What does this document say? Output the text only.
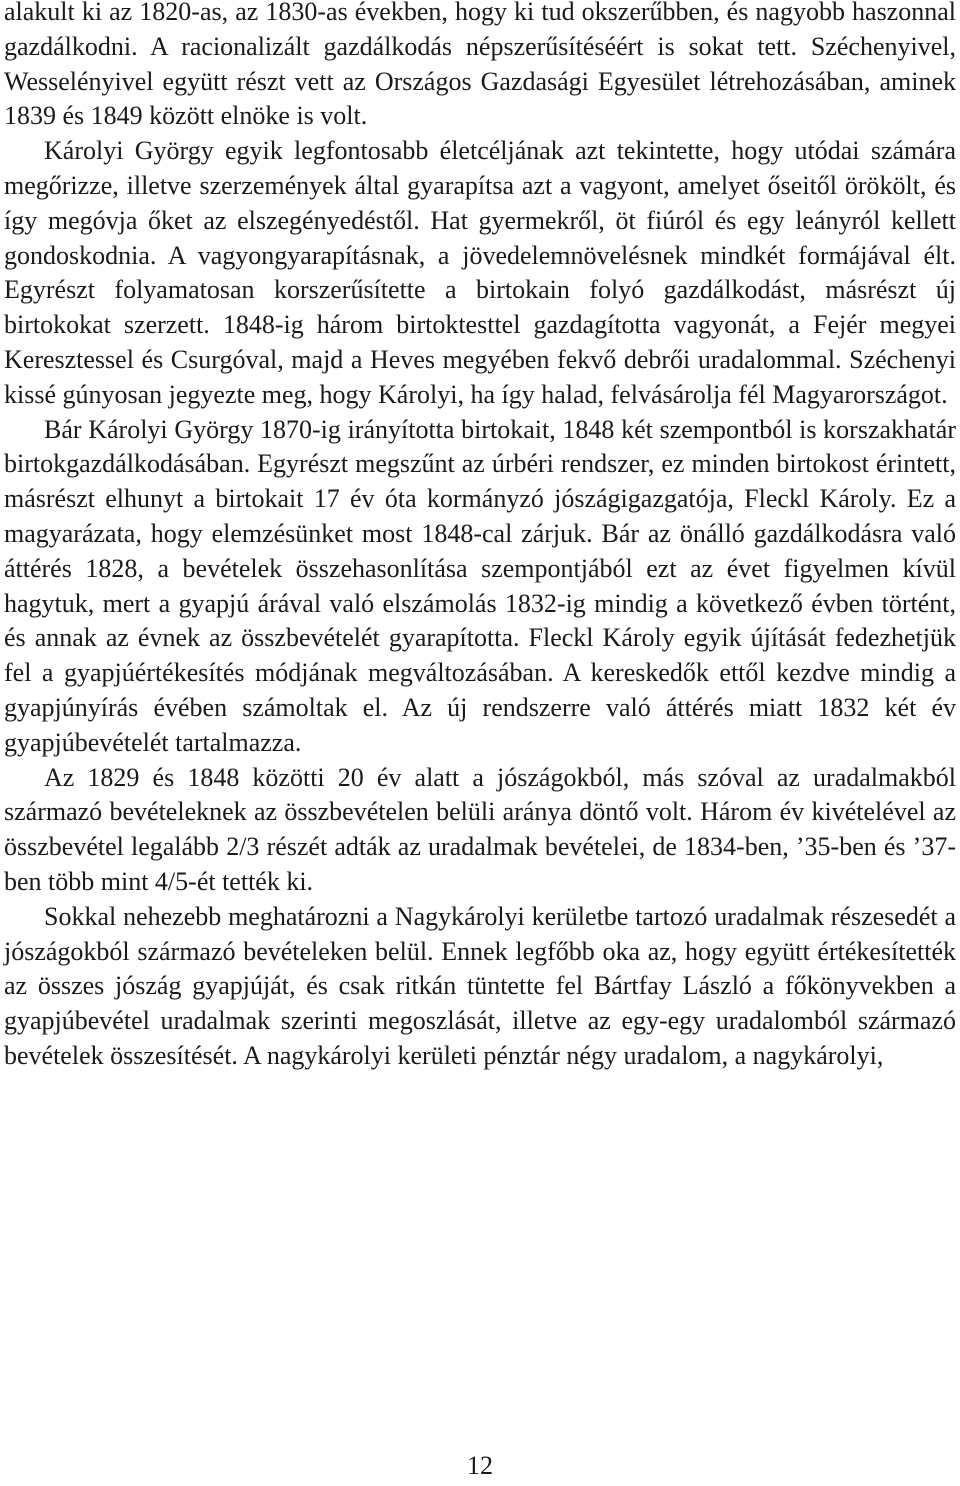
alakult ki az 1820-as, az 1830-as években, hogy ki tud okszerűbben, és nagyobb haszonnal gazdálkodni. A racionalizált gazdálkodás népszerűsítéséért is sokat tett. Széchenyivel, Wesselényivel együtt részt vett az Országos Gazdasági Egyesület létrehozásában, aminek 1839 és 1849 között elnöke is volt.

Károlyi György egyik legfontosabb életcéljának azt tekintette, hogy utódai számára megőrizze, illetve szerzemények által gyarapítsa azt a vagyont, amelyet őseitől örökölt, és így megóvja őket az elszegényedéstől. Hat gyermekről, öt fiúról és egy leányról kellett gondoskodnia. A vagyongyarapításnak, a jövedelemnövelésnek mindkét formájával élt. Egyrészt folyamatosan korszerűsítette a birtokain folyó gazdálkodást, másrészt új birtokokat szerzett. 1848-ig három birtoktesttel gazdagította vagyonát, a Fejér megyei Keresztessel és Csurgóval, majd a Heves megyében fekvő debrői uradalommal. Széchenyi kissé gúnyosan jegyezte meg, hogy Károlyi, ha így halad, felvásárolja fél Magyarországot.

Bár Károlyi György 1870-ig irányította birtokait, 1848 két szempontból is korszakhatár birtokgazdálkodásában. Egyrészt megszűnt az úrbéri rendszer, ez minden birtokost érintett, másrészt elhunyt a birtokait 17 év óta kormányzó jószágigazgatója, Fleckl Károly. Ez a magyarázata, hogy elemzésünket most 1848-cal zárjuk. Bár az önálló gazdálkodásra való áttérés 1828, a bevételek összehasonlítása szempontjából ezt az évet figyelmen kívül hagytuk, mert a gyapjú árával való elszámolás 1832-ig mindig a következő évben történt, és annak az évnek az összbevételét gyarapította. Fleckl Károly egyik újítását fedezhetjük fel a gyapjúértékesítés módjának megváltozásában. A kereskedők ettől kezdve mindig a gyapjúnyírás évében számoltak el. Az új rendszerre való áttérés miatt 1832 két év gyapjúbevételét tartalmazza.

Az 1829 és 1848 közötti 20 év alatt a jószágokból, más szóval az uradalmakból származó bevételeknek az összbevételen belüli aránya döntő volt. Három év kivételével az összbevétel legalább 2/3 részét adták az uradalmak bevételei, de 1834-ben, ’35-ben és ’37-ben több mint 4/5-ét tették ki.

Sokkal nehezebb meghatározni a Nagykárolyi kerületbe tartozó uradalmak részesedét a jószágokból származó bevételeken belül. Ennek legfőbb oka az, hogy együtt értékesítették az összes jószág gyapjúját, és csak ritkán tüntette fel Bártfay László a főkönyvekben a gyapjúbevétel uradalmak szerinti megoszlását, illetve az egy-egy uradalomból származó bevételek összesítését. A nagykárolyi kerületi pénztár négy uradalom, a nagykárolyi,

12
